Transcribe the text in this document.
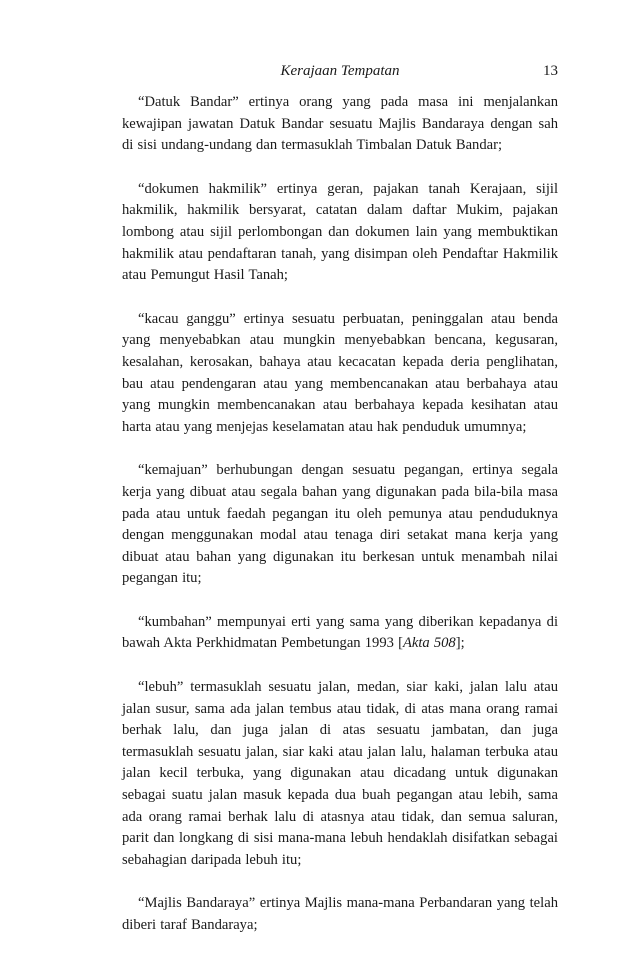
Kerajaan Tempatan	13

“Datuk Bandar” ertinya orang yang pada masa ini menjalankan kewajipan jawatan Datuk Bandar sesuatu Majlis Bandaraya dengan sah di sisi undang-undang dan termasuklah Timbalan Datuk Bandar;

“dokumen hakmilik” ertinya geran, pajakan tanah Kerajaan, sijil hakmilik, hakmilik bersyarat, catatan dalam daftar Mukim, pajakan lombong atau sijil perlombongan dan dokumen lain yang membuktikan hakmilik atau pendaftaran tanah, yang disimpan oleh Pendaftar Hakmilik atau Pemungut Hasil Tanah;

“kacau ganggu” ertinya sesuatu perbuatan, peninggalan atau benda yang menyebabkan atau mungkin menyebabkan bencana, kegusaran, kesalahan, kerosakan, bahaya atau kecacatan kepada deria penglihatan, bau atau pendengaran atau yang membencanakan atau berbahaya atau yang mungkin membencanakan atau berbahaya kepada kesihatan atau harta atau yang menjejas keselamatan atau hak penduduk umumnya;

“kemajuan” berhubungan dengan sesuatu pegangan, ertinya segala kerja yang dibuat atau segala bahan yang digunakan pada bila-bila masa pada atau untuk faedah pegangan itu oleh pemunya atau penduduknya dengan menggunakan modal atau tenaga diri setakat mana kerja yang dibuat atau bahan yang digunakan itu berkesan untuk menambah nilai pegangan itu;

“kumbahan” mempunyai erti yang sama yang diberikan kepadanya di bawah Akta Perkhidmatan Pembetungan 1993 [Akta 508];

“lebuh” termasuklah sesuatu jalan, medan, siar kaki, jalan lalu atau jalan susur, sama ada jalan tembus atau tidak, di atas mana orang ramai berhak lalu, dan juga jalan di atas sesuatu jambatan, dan juga termasuklah sesuatu jalan, siar kaki atau jalan lalu, halaman terbuka atau jalan kecil terbuka, yang digunakan atau dicadang untuk digunakan sebagai suatu jalan masuk kepada dua buah pegangan atau lebih, sama ada orang ramai berhak lalu di atasnya atau tidak, dan semua saluran, parit dan longkang di sisi mana-mana lebuh hendaklah disifatkan sebagai sebahagian daripada lebuh itu;

“Majlis Bandaraya” ertinya Majlis mana-mana Perbandaran yang telah diberi taraf Bandaraya;
